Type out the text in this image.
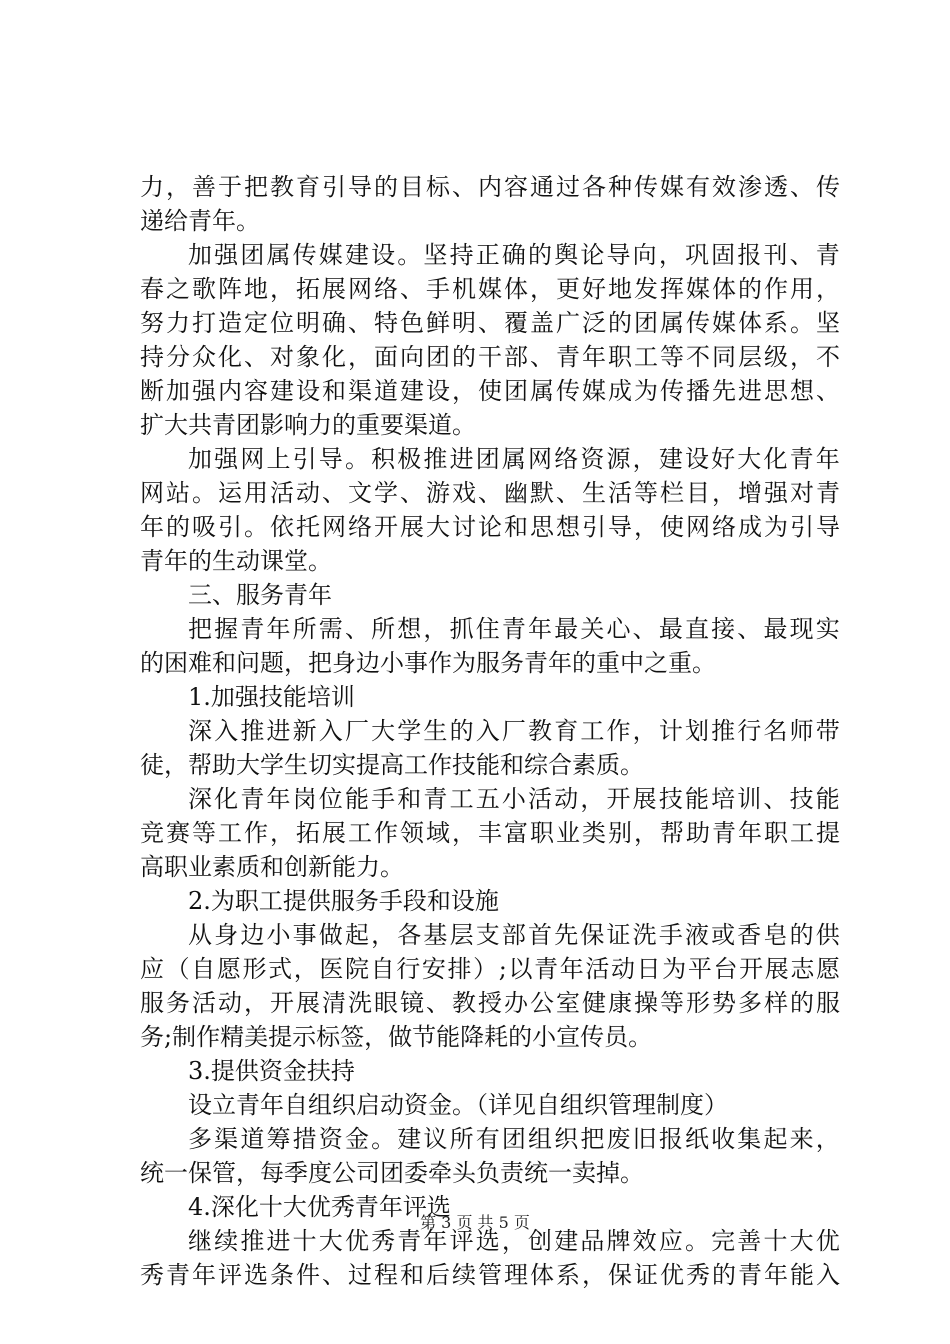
力 ， 善 于 把 教 育 引 导 的 目 标 、 内 容 通 过 各 种 传 媒 有 效 渗 透 、 传
递给青年。
加 强 团 属 传 媒 建 设 。 坚 持 正 确 的 舆 论 导 向 ， 巩 固 报 刊 、 青
春 之 歌 阵 地 ， 拓 展 网 络 、 手 机 媒 体 ， 更 好 地 发 挥 媒 体 的 作 用 ，
努 力 打 造 定 位 明 确 、 特 色 鲜 明 、 覆 盖 广 泛 的 团 属 传 媒 体 系 。 坚
持 分 众 化 、 对 象 化 ， 面 向 团 的 干 部 、 青 年 职 工 等 不 同 层 级 ， 不
断 加 强 内 容 建 设 和 渠 道 建 设 ， 使 团 属 传 媒 成 为 传 播 先 进 思 想 、
扩大共青团影响力的重要渠道。
加 强 网 上 引 导 。 积 极 推 进 团 属 网 络 资 源 ， 建 设 好 大 化 青 年
网 站 。 运 用 活 动 、 文 学 、 游 戏 、 幽 默 、 生 活 等 栏 目 ， 增 强 对 青
年 的 吸 引 。 依 托 网 络 开 展 大 讨 论 和 思 想 引 导 ， 使 网 络 成 为 引 导
青年的生动课堂。
三、服务青年
把 握 青 年 所 需 、 所 想 ， 抓 住 青 年 最 关 心 、 最 直 接 、 最 现 实
的困难和问题，把身边小事作为服务青年的重中之重。
1.加强技能培训
深 入 推 进 新 入 厂 大 学 生 的 入 厂 教 育 工 作 ， 计 划 推 行 名 师 带
徒，帮助大学生切实提高工作技能和综合素质。
深 化 青 年 岗 位 能 手 和 青 工 五 小 活 动 ， 开 展 技 能 培 训 、 技 能
竞 赛 等 工 作 ， 拓 展 工 作 领 域 ， 丰 富 职 业 类 别 ， 帮 助 青 年 职 工 提
高职业素质和创新能力。
2.为职工提供服务手段和设施
从 身 边 小 事 做 起 ， 各 基 层 支 部 首 先 保 证 洗 手 液 或 香 皂 的 供
应 （ 自 愿 形 式 ， 医 院 自 行 安 排 ） ; 以 青 年 活 动 日 为 平 台 开 展 志 愿
服 务 活 动 ， 开 展 清 洗 眼 镜 、 教 授 办 公 室 健 康 操 等 形 势 多 样 的 服
务;制作精美提示标签，做节能降耗的小宣传员。
3.提供资金扶持
设立青年自组织启动资金。（详见自组织管理制度）
多 渠 道 筹 措 资 金 。 建 议 所 有 团 组 织 把 废 旧 报 纸 收 集 起 来 ，
统一保管，每季度公司团委牵头负责统一卖掉。
4.深化十大优秀青年评选
继 续 推 进 十 大 优 秀 青 年 评 选 ， 创 建 品 牌 效 应 。 完 善 十 大 优
秀 青 年 评 选 条 件 、 过 程 和 后 续 管 理 体 系 ， 保 证 优 秀 的 青 年 能 入
第 3 页 共 5 页
